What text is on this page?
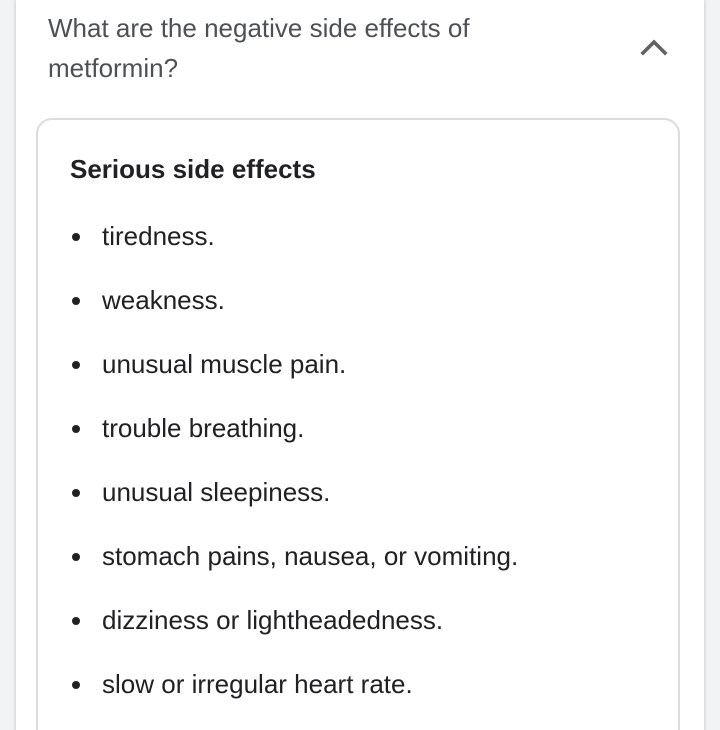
What are the negative side effects of metformin?
Serious side effects
tiredness.
weakness.
unusual muscle pain.
trouble breathing.
unusual sleepiness.
stomach pains, nausea, or vomiting.
dizziness or lightheadedness.
slow or irregular heart rate.
